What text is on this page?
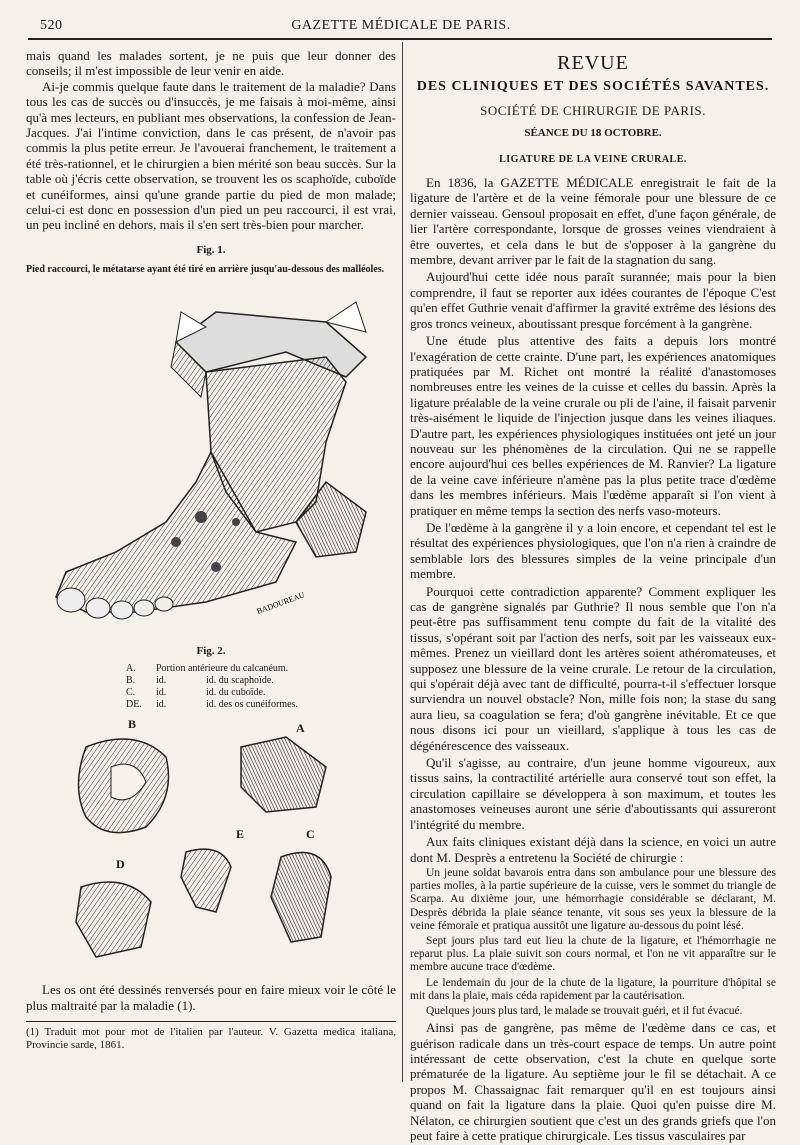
520	GAZETTE MÉDICALE DE PARIS.

mais quand les malades sortent, je ne puis que leur donner des conseils; il m'est impossible de leur venir en aide.

Ai-je commis quelque faute dans le traitement de la maladie? Dans tous les cas de succès ou d'insuccès, je me faisais à moi-même, ainsi qu'à mes lecteurs, en publiant mes observations, la confession de Jean-Jacques. J'ai l'intime conviction, dans le cas présent, de n'avoir pas commis la plus petite erreur. Je l'avouerai franchement, le traitement a été très-rationnel, et le chirurgien a bien mérité son beau succès. Sur la table où j'écris cette observation, se trouvent les os scaphoïde, cuboïde et cunéiformes, ainsi qu'une grande partie du pied de mon malade; celui-ci est donc en possession d'un pied un peu raccourci, il est vrai, un peu incliné en dehors, mais il s'en sert très-bien pour marcher.

Fig. 1.
Pied raccourci, le métatarse ayant été tiré en arrière jusqu'au-dessous des malléoles.
BADOUREAU
Fig. 2.
A.	Portion antérieure du calcanéum.
B.	id.	id. du scaphoïde.
C.	id.	id. du cuboïde.
DE.	id.	id. des os cunéiformes.
B	A
E	C
D

Les os ont été dessinés renversés pour en faire mieux voir le côté le plus maltraité par la maladie (1).

(1) Traduit mot pour mot de l'italien par l'auteur. V. Gazetta medica italiana, Provincie sarde, 1861.

REVUE
DES CLINIQUES ET DES SOCIÉTÉS SAVANTES.
SOCIÉTÉ DE CHIRURGIE DE PARIS.
SÉANCE DU 18 OCTOBRE.
LIGATURE DE LA VEINE CRURALE.

En 1836, la GAZETTE MÉDICALE enregistrait le fait de la ligature de l'artère et de la veine fémorale pour une blessure de ce dernier vaisseau. Gensoul proposait en effet, d'une façon générale, de lier l'artère correspondante, lorsque de grosses veines viendraient à être ouvertes, et cela dans le but de s'opposer à la gangrène du membre, devant arriver par le fait de la stagnation du sang.

Aujourd'hui cette idée nous paraît surannée; mais pour la bien comprendre, il faut se reporter aux idées courantes de l'époque C'est qu'en effet Guthrie venait d'affirmer la gravité extrême des lésions des gros troncs veineux, aboutissant presque forcément à la gangrène.

Une étude plus attentive des faits a depuis lors montré l'exagération de cette crainte. D'une part, les expériences anatomiques pratiquées par M. Richet ont montré la réalité d'anastomoses nombreuses entre les veines de la cuisse et celles du bassin. Après la ligature préalable de la veine crurale ou pli de l'aine, il faisait parvenir très-aisément le liquide de l'injection jusque dans les veines iliaques. D'autre part, les expériences physiologiques instituées ont jeté un jour nouveau sur les phénomènes de la circulation. Qui ne se rappelle encore aujourd'hui ces belles expériences de M. Ranvier? La ligature de la veine cave inférieure n'amène pas la plus petite trace d'œdème dans les membres inférieurs. Mais l'œdème apparaît si l'on vient à pratiquer en même temps la section des nerfs vaso-moteurs.

De l'œdème à la gangrène il y a loin encore, et cependant tel est le résultat des expériences physiologiques, que l'on n'a rien à craindre de semblable lors des blessures simples de la veine principale d'un membre.

Pourquoi cette contradiction apparente? Comment expliquer les cas de gangrène signalés par Guthrie? Il nous semble que l'on n'a peut-être pas suffisamment tenu compte du fait de la vitalité des tissus, s'opérant soit par l'action des nerfs, soit par les vaisseaux eux-mêmes. Prenez un vieillard dont les artères soient athéromateuses, et supposez une blessure de la veine crurale. Le retour de la circulation, qui s'opérait déjà avec tant de difficulté, pourra-t-il s'effectuer lorsque surviendra un nouvel obstacle? Non, mille fois non; la stase du sang aura lieu, sa coagulation se fera; d'où gangrène inévitable. Et ce que nous disons ici pour un vieillard, s'applique à tous les cas de dégénérescence des vaisseaux.

Qu'il s'agisse, au contraire, d'un jeune homme vigoureux, aux tissus sains, la contractilité artérielle aura conservé tout son effet, la circulation capillaire se développera à son maximum, et toutes les anastomoses veineuses auront une série d'aboutissants qui assureront l'intégrité du membre.

Aux faits cliniques existant déjà dans la science, en voici un autre dont M. Desprès a entretenu la Société de chirurgie :

Un jeune soldat bavarois entra dans son ambulance pour une blessure des parties molles, à la partie supérieure de la cuisse, vers le sommet du triangle de Scarpa. Au dixième jour, une hémorrhagie considérable se déclarant, M. Desprès débrida la plaie séance tenante, vit sous ses yeux la blessure de la veine fémorale et pratiqua aussitôt une ligature au-dessous du point lésé.

Sept jours plus tard eut lieu la chute de la ligature, et l'hémorrhagie ne reparut plus. La plaie suivit son cours normal, et l'on ne vit apparaître sur le membre aucune trace d'œdème.

Le lendemain du jour de la chute de la ligature, la pourriture d'hôpital se mit dans la plaie, mais céda rapidement par la cautérisation.

Quelques jours plus tard, le malade se trouvait guéri, et il fut évacué.

Ainsi pas de gangrène, pas même de l'œdème dans ce cas, et guérison radicale dans un très-court espace de temps. Un autre point intéressant de cette observation, c'est la chute en quelque sorte prématurée de la ligature. Au septième jour le fil se détachait. A ce propos M. Chassaignac fait remarquer qu'il en est toujours ainsi quand on fait la ligature dans la plaie. Quoi qu'en puisse dire M. Nélaton, ce chirurgien soutient que c'est un des grands griefs que l'on peut faire à cette pratique chirurgicale. Les tissus vasculaires par
